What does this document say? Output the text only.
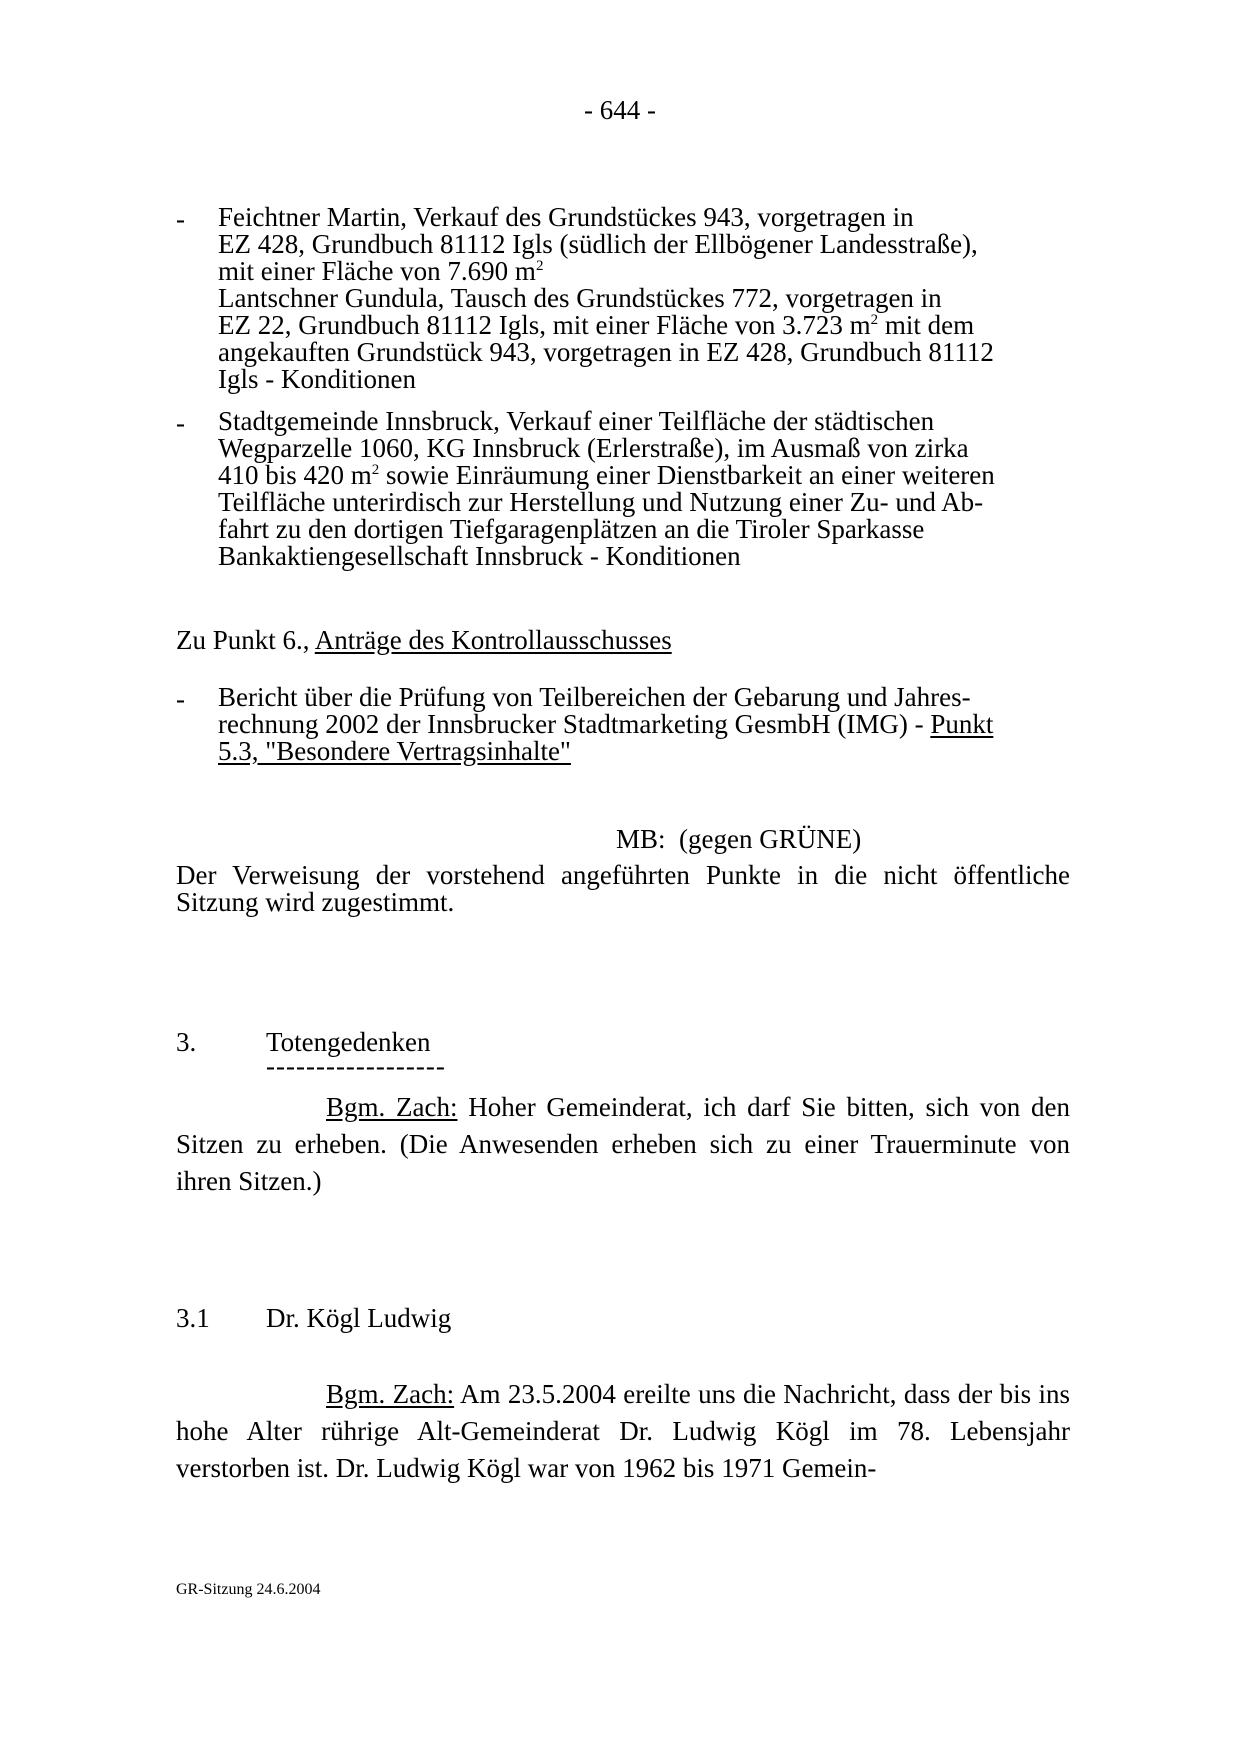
- 644 -
- Feichtner Martin, Verkauf des Grundstückes 943, vorgetragen in

EZ 428, Grundbuch 81112 Igls (südlich der Ellbögener Landesstraße),

mit einer Fläche von 7.690 $m^2$

Lantschner Gundula, Tausch des Grundstückes 772, vorgetragen in

EZ 22, Grundbuch 81112 Igls, mit einer Fläche von 3.723 $m^2$ mit dem

angekauften Grundstück 943, vorgetragen in EZ 428, Grundbuch 81112

Igls - Konditionen

- Stadtgemeinde Innsbruck, Verkauf einer Teilfläche der städtischen

Wegparzelle 1060, KG Innsbruck (Erlerstraße), im Ausmaß von zirka

410 bis 420 $m^2$ sowie Einräumung einer Dienstbarkeit an einer weiteren

Teilfläche unterirdisch zur Herstellung und Nutzung einer Zu- und Ab-

fahrt zu den dortigen Tiefgaragenplätzen an die Tiroler Sparkasse

Bankaktiengesellschaft Innsbruck - Konditionen

Zu Punkt 6., Anträge des Kontrollausschusses
- Bericht über die Prüfung von Teilbereichen der Gebarung und Jahres-

rechnung 2002 der Innsbrucker Stadtmarketing GesmbH (IMG) - Punkt

5.3, "Besondere Vertragsinhalte"

MB:  (gegen GRÜNE)
Der Verweisung der vorstehend angeführten Punkte in die nicht öffentliche Sitzung wird zugestimmt.
3.	Totengedenken
------------------
Bgm. Zach: Hoher Gemeinderat, ich darf Sie bitten, sich von den Sitzen zu erheben. (Die Anwesenden erheben sich zu einer Trauerminute von ihren Sitzen.)
3.1 Dr. Kögl Ludwig
Bgm. Zach: Am 23.5.2004 ereilte uns die Nachricht, dass der bis ins hohe Alter rührige Alt-Gemeinderat Dr. Ludwig Kögl im 78. Lebensjahr verstorben ist. Dr. Ludwig Kögl war von 1962 bis 1971 Gemein-
GR-Sitzung 24.6.2004
